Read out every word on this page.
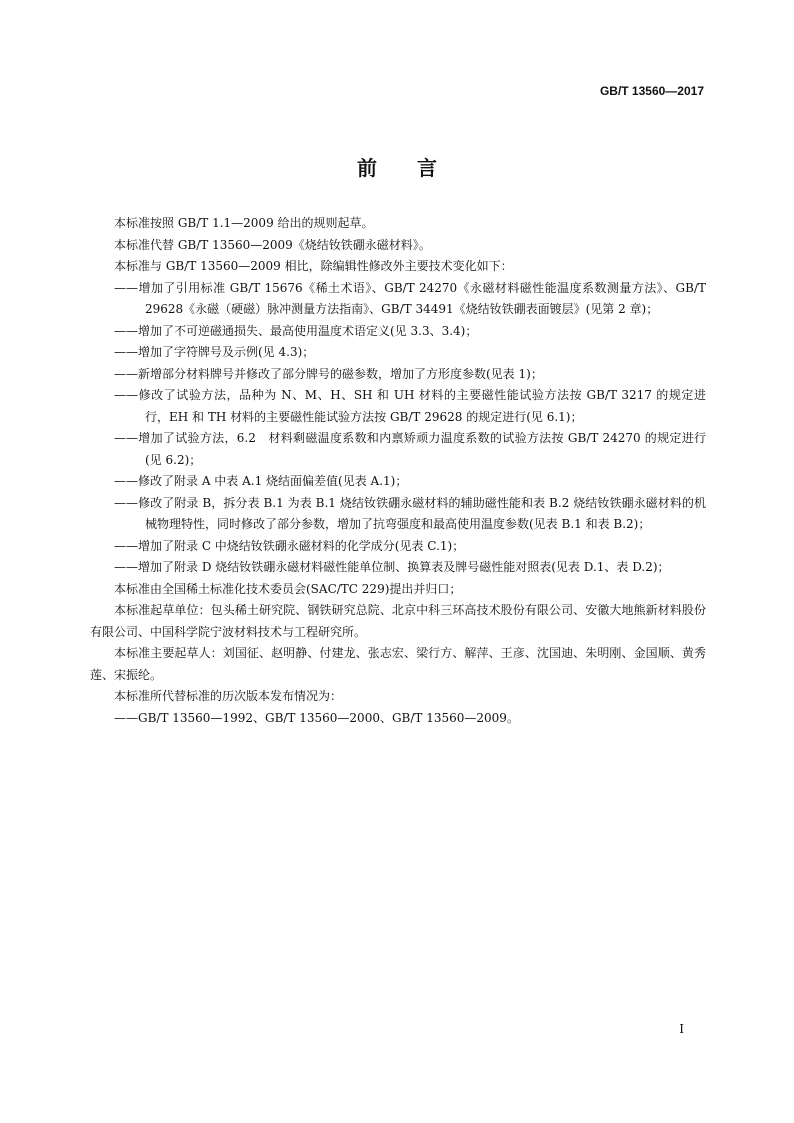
GB/T 13560—2017
前言

本标准按照 GB/T 1.1—2009 给出的规则起草。

本标准代替 GB/T 13560—2009《烧结钕铁硼永磁材料》。

本标准与 GB/T 13560—2009 相比，除编辑性修改外主要技术变化如下：

——增加了引用标准 GB/T 15676《稀土术语》、GB/T 24270《永磁材料磁性能温度系数测量方法》、GB/T 29628《永磁（硬磁）脉冲测量方法指南》、GB/T 34491《烧结钕铁硼表面镀层》(见第 2 章)；

——增加了不可逆磁通损失、最高使用温度术语定义(见 3.3、3.4)；

——增加了字符牌号及示例(见 4.3)；

——新增部分材料牌号并修改了部分牌号的磁参数，增加了方形度参数(见表 1)；

——修改了试验方法，品种为 N、M、H、SH 和 UH 材料的主要磁性能试验方法按 GB/T 3217 的规定进行，EH 和 TH 材料的主要磁性能试验方法按 GB/T 29628 的规定进行(见 6.1)；

——增加了试验方法，6.2　材料剩磁温度系数和内禀矫顽力温度系数的试验方法按 GB/T 24270 的规定进行(见 6.2)；

——修改了附录 A 中表 A.1 烧结面偏差值(见表 A.1)；

——修改了附录 B，拆分表 B.1 为表 B.1 烧结钕铁硼永磁材料的辅助磁性能和表 B.2 烧结钕铁硼永磁材料的机械物理特性，同时修改了部分参数，增加了抗弯强度和最高使用温度参数(见表 B.1 和表 B.2)；

——增加了附录 C 中烧结钕铁硼永磁材料的化学成分(见表 C.1)；

——增加了附录 D 烧结钕铁硼永磁材料磁性能单位制、换算表及牌号磁性能对照表(见表 D.1、表 D.2)；

本标准由全国稀土标准化技术委员会(SAC/TC 229)提出并归口；

本标准起草单位：包头稀土研究院、钢铁研究总院、北京中科三环高技术股份有限公司、安徽大地熊新材料股份有限公司、中国科学院宁波材料技术与工程研究所。

本标准主要起草人：刘国征、赵明静、付建龙、张志宏、梁行方、解萍、王彦、沈国迪、朱明刚、金国顺、黄秀莲、宋振纶。

本标准所代替标准的历次版本发布情况为：

——GB/T 13560—1992、GB/T 13560—2000、GB/T 13560—2009。

I
